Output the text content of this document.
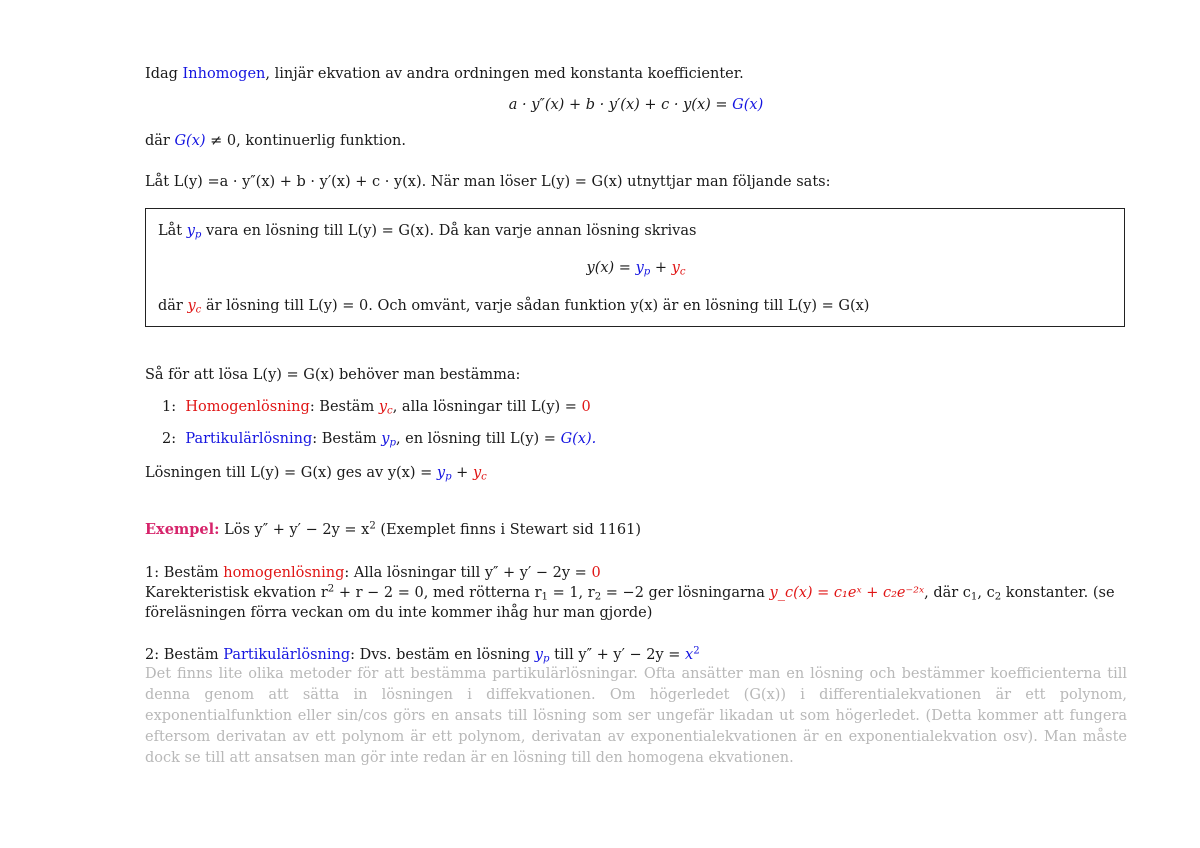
Idag Inhomogen, linjär ekvation av andra ordningen med konstanta koefficienter.
a · y″(x) + b · y′(x) + c · y(x) = G(x)
där G(x) ≠ 0, kontinuerlig funktion.
Låt L(y) =a · y″(x) + b · y′(x) + c · y(x). När man löser L(y) = G(x) utnyttjar man följande sats:
Låt $y_p$ vara en lösning till L(y) = G(x). Då kan varje annan lösning skrivas
$y(x) = y_p + y_c$
där $y_c$ är lösning till L(y) = 0. Och omvänt, varje sådan funktion y(x) är en lösning till L(y) = G(x)
Så för att lösa L(y) = G(x) behöver man bestämma:
1: Homogenlösning: Bestäm $y_c$, alla lösningar till L(y) = 0
2: Partikulärlösning: Bestäm $y_p$, en lösning till L(y) = G(x).
Lösningen till L(y) = G(x) ges av $y(x) = y_p + y_c$
Exempel: Lös $y'' + y' - 2y = x^2$ (Exemplet finns i Stewart sid 1161)
1: Bestäm homogenlösning: Alla lösningar till y″ + y′ − 2y = 0
Karekteristisk ekvation $r^2 + r - 2 = 0$, med rötterna $r_1 = 1$, $r_2 = -2$ ger lösningarna y_c(x) = c₁eˣ + c₂e⁻²ˣ, där $c_1$, $c_2$ konstanter. (se
föreläsningen förra veckan om du inte kommer ihåg hur man gjorde)
2: Bestäm Partikulärlösning: Dvs. bestäm en lösning $y_p$ till $y'' + y' - 2y = x^2$
Det finns lite olika metoder för att bestämma partikulärlösningar. Ofta ansätter man en lösning och bestämmer koefficienterna till denna genom att sätta in lösningen i diffekvationen. Om högerledet (G(x)) i differentialekvationen är ett polynom, exponentialfunktion eller sin/cos görs en ansats till lösning som ser ungefär likadan ut som högerledet. (Detta kommer att fungera eftersom derivatan av ett polynom är ett polynom, derivatan av exponentialekvationen är en exponentialekvation osv). Man måste dock se till att ansatsen man gör inte redan är en lösning till den homogena ekvationen.
